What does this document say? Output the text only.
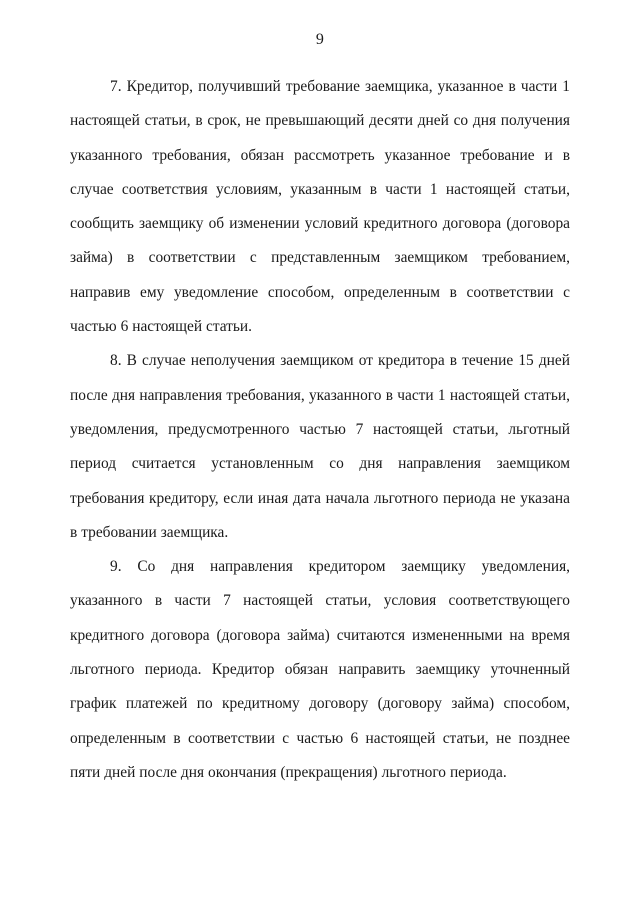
9

7. Кредитор, получивший требование заемщика, указанное в части 1 настоящей статьи, в срок, не превышающий десяти дней со дня получения указанного требования, обязан рассмотреть указанное требование и в случае соответствия условиям, указанным в части 1 настоящей статьи, сообщить заемщику об изменении условий кредитного договора (договора займа) в соответствии с представленным заемщиком требованием, направив ему уведомление способом, определенным в соответствии с частью 6 настоящей статьи.

8. В случае неполучения заемщиком от кредитора в течение 15 дней после дня направления требования, указанного в части 1 настоящей статьи, уведомления, предусмотренного частью 7 настоящей статьи, льготный период считается установленным со дня направления заемщиком требования кредитору, если иная дата начала льготного периода не указана в требовании заемщика.

9. Со дня направления кредитором заемщику уведомления, указанного в части 7 настоящей статьи, условия соответствующего кредитного договора (договора займа) считаются измененными на время льготного периода. Кредитор обязан направить заемщику уточненный график платежей по кредитному договору (договору займа) способом, определенным в соответствии с частью 6 настоящей статьи, не позднее пяти дней после дня окончания (прекращения) льготного периода.
